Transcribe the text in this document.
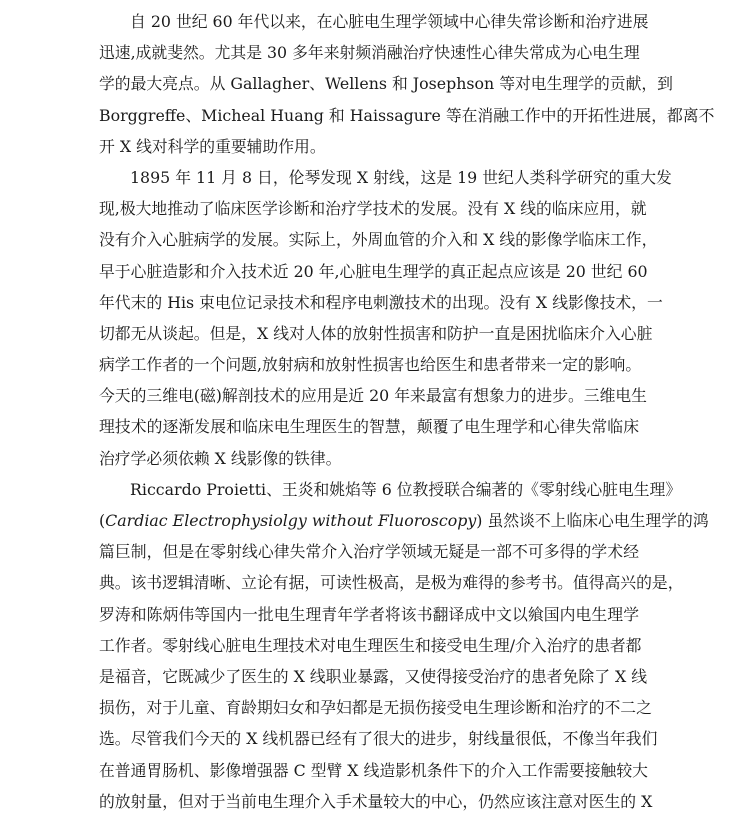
自 20 世纪 60 年代以来，在心脏电生理学领域中心律失常诊断和治疗进展
迅速,成就斐然。尤其是 30 多年来射频消融治疗快速性心律失常成为心电生理
学的最大亮点。从 Gallagher、Wellens 和 Josephson 等对电生理学的贡献，到
Borggreffe、Micheal Huang 和 Haissagure 等在消融工作中的开拓性进展，都离不
开 X 线对科学的重要辅助作用。
1895 年 11 月 8 日，伦琴发现 X 射线，这是 19 世纪人类科学研究的重大发
现,极大地推动了临床医学诊断和治疗学技术的发展。没有 X 线的临床应用，就
没有介入心脏病学的发展。实际上，外周血管的介入和 X 线的影像学临床工作，
早于心脏造影和介入技术近 20 年,心脏电生理学的真正起点应该是 20 世纪 60
年代末的 His 束电位记录技术和程序电刺激技术的出现。没有 X 线影像技术，一
切都无从谈起。但是，X 线对人体的放射性损害和防护一直是困扰临床介入心脏
病学工作者的一个问题,放射病和放射性损害也给医生和患者带来一定的影响。
今天的三维电(磁)解剖技术的应用是近 20 年来最富有想象力的进步。三维电生
理技术的逐渐发展和临床电生理医生的智慧，颠覆了电生理学和心律失常临床
治疗学必须依赖 X 线影像的铁律。
Riccardo Proietti、王炎和姚焰等 6 位教授联合编著的《零射线心脏电生理》
(Cardiac Electrophysiolgy without Fluoroscopy) 虽然谈不上临床心电生理学的鸿
篇巨制，但是在零射线心律失常介入治疗学领域无疑是一部不可多得的学术经
典。该书逻辑清晰、立论有据，可读性极高，是极为难得的参考书。值得高兴的是，
罗涛和陈炳伟等国内一批电生理青年学者将该书翻译成中文以飨国内电生理学
工作者。零射线心脏电生理技术对电生理医生和接受电生理/介入治疗的患者都
是福音，它既减少了医生的 X 线职业暴露，又使得接受治疗的患者免除了 X 线
损伤，对于儿童、育龄期妇女和孕妇都是无损伤接受电生理诊断和治疗的不二之
选。尽管我们今天的 X 线机器已经有了很大的进步，射线量很低，不像当年我们
在普通胃肠机、影像增强器 C 型臂 X 线造影机条件下的介入工作需要接触较大
的放射量，但对于当前电生理介入手术量较大的中心，仍然应该注意对医生的 X
